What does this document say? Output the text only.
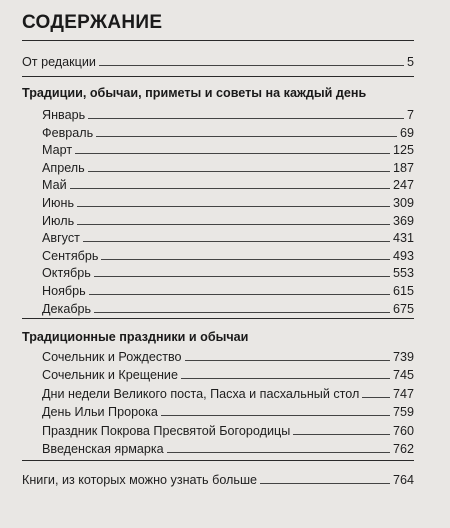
СОДЕРЖАНИЕ
От редакции	5
Традиции, обычаи, приметы и советы на каждый день
Январь	7
Февраль	69
Март	125
Апрель	187
Май	247
Июнь	309
Июль	369
Август	431
Сентябрь	493
Октябрь	553
Ноябрь	615
Декабрь	675
Традиционные праздники и обычаи
Сочельник и Рождество	739
Сочельник и Крещение	745
Дни недели Великого поста, Пасха и пасхальный стол	747
День Ильи Пророка	759
Праздник Покрова Пресвятой Богородицы	760
Введенская ярмарка	762
Книги, из которых можно узнать больше	764
